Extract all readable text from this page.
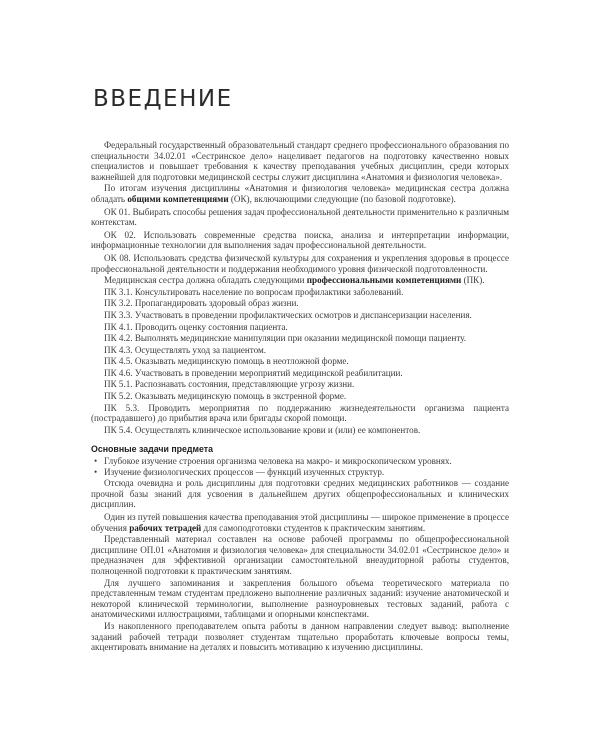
ВВЕДЕНИЕ

Федеральный государственный образовательный стандарт среднего профессионального образования по специальности 34.02.01 «Сестринское дело» нацеливает педагогов на подготовку качественно новых специалистов и повышает требования к качеству преподавания учебных дисциплин, среди которых важнейшей для подготовки медицинской сестры служит дисциплина «Анатомия и физиология человека».

По итогам изучения дисциплины «Анатомия и физиология человека» медицинская сестра должна обладать общими компетенциями (ОК), включающими следующие (по базовой подготовке).

ОК 01. Выбирать способы решения задач профессиональной деятельности применительно к различным контекстам.

ОК 02. Использовать современные средства поиска, анализа и интерпретации информации, информационные технологии для выполнения задач профессиональной деятельности.

ОК 08. Использовать средства физической культуры для сохранения и укрепления здоровья в процессе профессиональной деятельности и поддержания необходимого уровня физической подготовленности.

Медицинская сестра должна обладать следующими профессиональными компетенциями (ПК).

ПК 3.1. Консультировать население по вопросам профилактики заболеваний.

ПК 3.2. Пропагандировать здоровый образ жизни.

ПК 3.3. Участвовать в проведении профилактических осмотров и диспансеризации населения.

ПК 4.1. Проводить оценку состояния пациента.

ПК 4.2. Выполнять медицинские манипуляции при оказании медицинской помощи пациенту.

ПК 4.3. Осуществлять уход за пациентом.

ПК 4.5. Оказывать медицинскую помощь в неотложной форме.

ПК 4.6. Участвовать в проведении мероприятий медицинской реабилитации.

ПК 5.1. Распознавать состояния, представляющие угрозу жизни.

ПК 5.2. Оказывать медицинскую помощь в экстренной форме.

ПК 5.3. Проводить мероприятия по поддержанию жизнедеятельности организма пациента (пострадавшего) до прибытия врача или бригады скорой помощи.

ПК 5.4. Осуществлять клиническое использование крови и (или) ее компонентов.

Основные задачи предмета
• Глубокое изучение строения организма человека на макро- и микроскопическом уровнях.
• Изучение физиологических процессов — функций изученных структур.

Отсюда очевидна и роль дисциплины для подготовки средних медицинских работников — создание прочной базы знаний для усвоения в дальнейшем других общепрофессиональных и клинических дисциплин.

Один из путей повышения качества преподавания этой дисциплины — широкое применение в процессе обучения рабочих тетрадей для самоподготовки студентов к практическим занятиям.

Представленный материал составлен на основе рабочей программы по общепрофессиональной дисциплине ОП.01 «Анатомия и физиология человека» для специальности 34.02.01 «Сестринское дело» и предназначен для эффективной организации самостоятельной внеаудиторной работы студентов, полноценной подготовки к практическим занятиям.

Для лучшего запоминания и закрепления большого объема теоретического материала по представленным темам студентам предложено выполнение различных заданий: изучение анатомической и некоторой клинической терминологии, выполнение разноуровневых тестовых заданий, работа с анатомическими иллюстрациями, таблицами и опорными конспектами.

Из накопленного преподавателем опыта работы в данном направлении следует вывод: выполнение заданий рабочей тетради позволяет студентам тщательно проработать ключевые вопросы темы, акцентировать внимание на деталях и повысить мотивацию к изучению дисциплины.
